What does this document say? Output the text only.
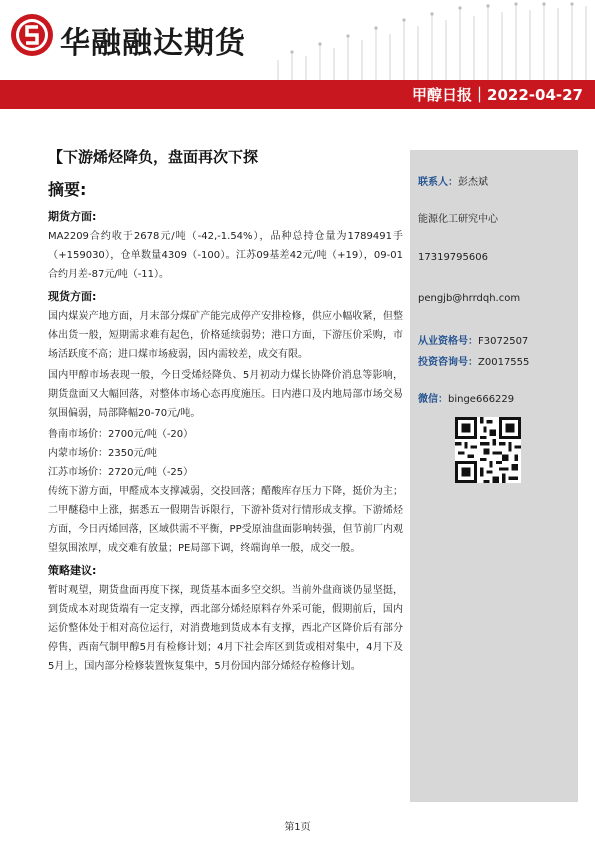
华融融达期货
甲醇日报｜2022-04-27
【下游烯烃降负，盘面再次下探
摘要:
期货方面:

MA2209合约收于2678元/吨（-42,-1.54%），品种总持仓量为1789491手（+159030），仓单数量4309（-100）。江苏09基差42元/吨（+19），09-01合约月差-87元/吨（-11）。

现货方面:

国内煤炭产地方面，月末部分煤矿产能完成停产安排检修，供应小幅收紧，但整体出货一般，短期需求难有起色，价格延续弱势；港口方面，下游压价采购，市场活跃度不高；进口煤市场疲弱，因内需较差，成交有限。

国内甲醇市场表现一般，今日受烯烃降负、5月初动力煤长协降价消息等影响，期货盘面又大幅回落，对整体市场心态再度施压。日内港口及内地局部市场交易氛围偏弱，局部降幅20-70元/吨。

鲁南市场价：2700元/吨（-20）

内蒙市场价：2350元/吨

江苏市场价：2720元/吨（-25）

传统下游方面，甲醛成本支撑减弱，交投回落；醋酸库存压力下降，挺价为主；二甲醚稳中上涨，据悉五一假期告诉限行，下游补货对行情形成支撑。下游烯烃方面，今日丙烯回落，区域供需不平衡，PP受原油盘面影响转强，但节前厂内观望氛围浓厚，成交难有放量；PE局部下调，终端询单一般，成交一般。

策略建议:

暂时观望，期货盘面再度下探，现货基本面多空交织。当前外盘商谈仍显坚挺，到货成本对现货端有一定支撑，西北部分烯烃原料存外采可能，假期前后，国内运价整体处于相对高位运行，对消费地到货成本有支撑，西北产区降价后有部分停售，西南气制甲醇5月有检修计划；4月下社会库区到货或相对集中，4月下及5月上，国内部分检修装置恢复集中，5月份国内部分烯烃存检修计划。

联系人：彭杰斌
能源化工研究中心
17319795606
pengjb@hrrdqh.com
从业资格号：F3072507
投资咨询号：Z0017555
微信：binge666229
第1页
